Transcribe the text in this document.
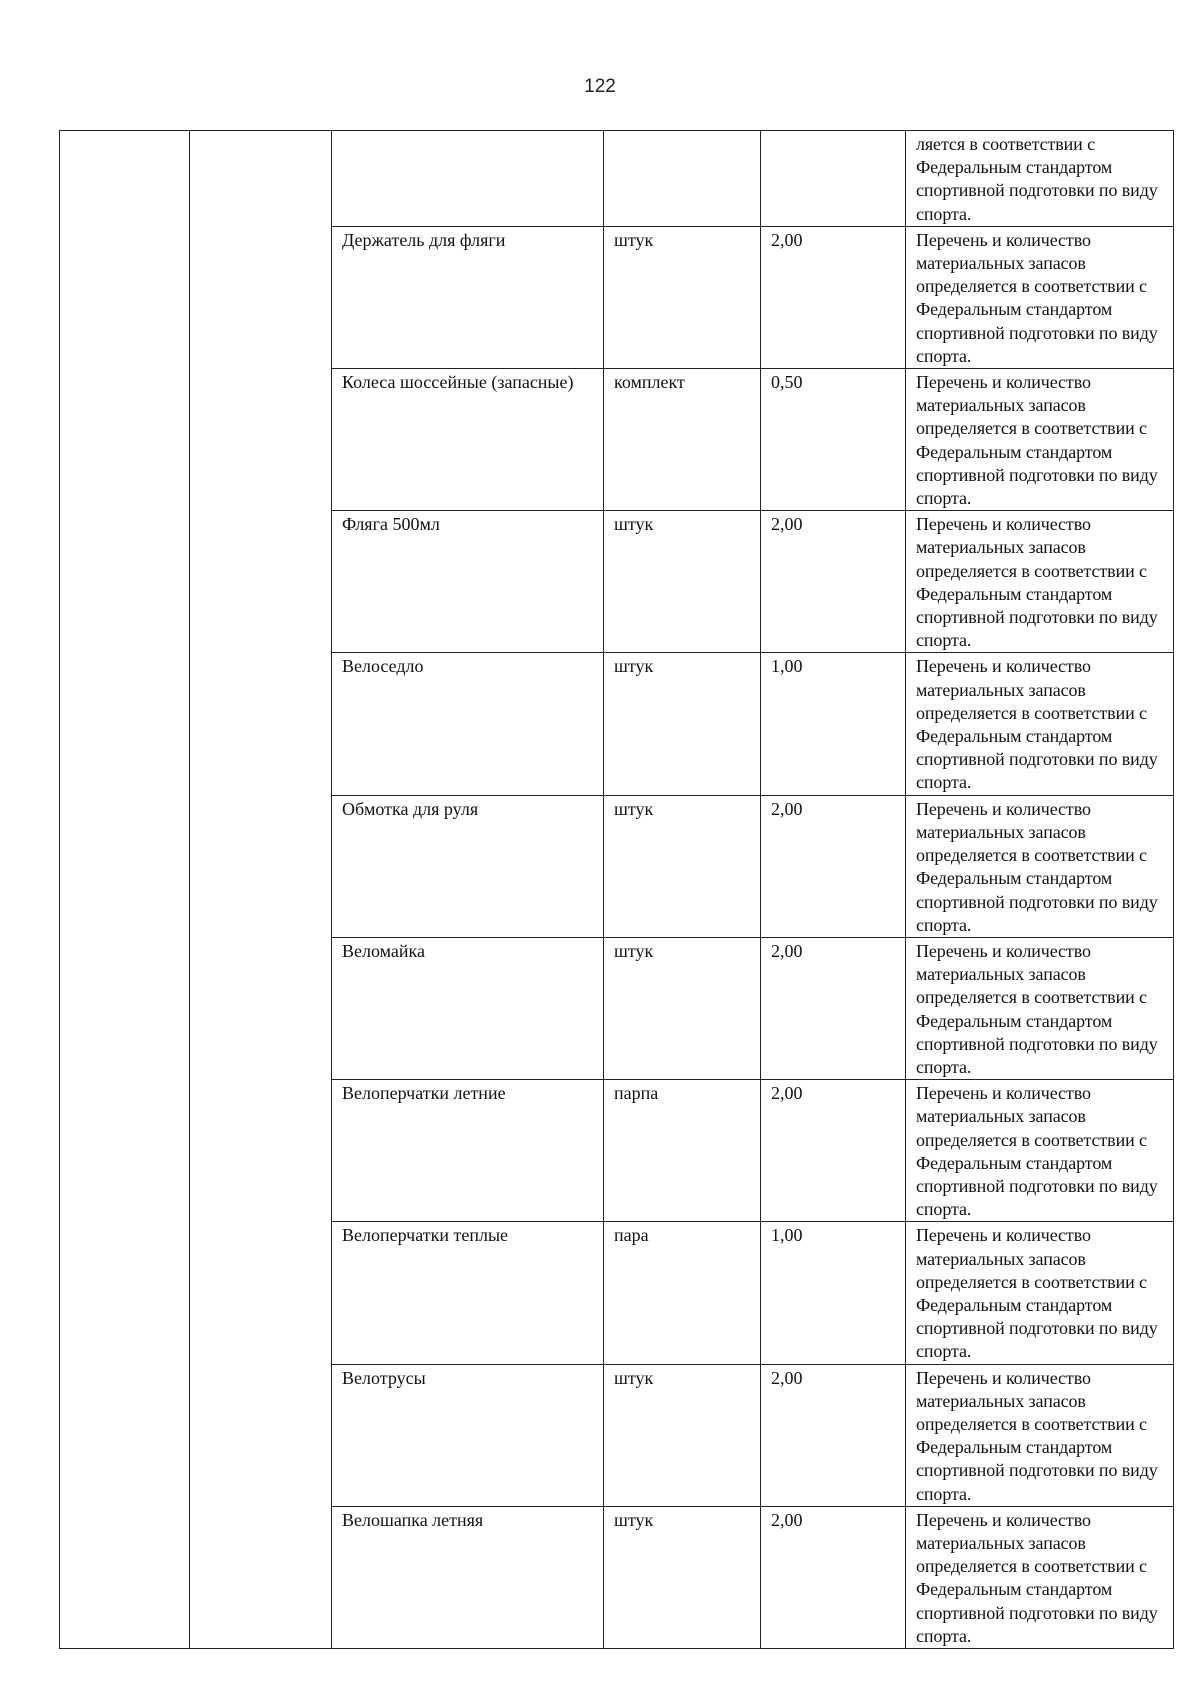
122
					ляется в соответствии с Федеральным стандартом спортивной подготовки по виду спорта.
		Держатель для фляги	штук	2,00	Перечень и количество материальных запасов определяется в соответствии с Федеральным стандартом спортивной подготовки по виду спорта.
		Колеса шоссейные (запасные)	комплект	0,50	Перечень и количество материальных запасов определяется в соответствии с Федеральным стандартом спортивной подготовки по виду спорта.
		Фляга 500мл	штук	2,00	Перечень и количество материальных запасов определяется в соответствии с Федеральным стандартом спортивной подготовки по виду спорта.
		Велоседло	штук	1,00	Перечень и количество материальных запасов определяется в соответствии с Федеральным стандартом спортивной подготовки по виду спорта.
		Обмотка для руля	штук	2,00	Перечень и количество материальных запасов определяется в соответствии с Федеральным стандартом спортивной подготовки по виду спорта.
		Веломайка	штук	2,00	Перечень и количество материальных запасов определяется в соответствии с Федеральным стандартом спортивной подготовки по виду спорта.
		Велоперчатки летние	парпа	2,00	Перечень и количество материальных запасов определяется в соответствии с Федеральным стандартом спортивной подготовки по виду спорта.
		Велоперчатки теплые	пара	1,00	Перечень и количество материальных запасов определяется в соответствии с Федеральным стандартом спортивной подготовки по виду спорта.
		Велотрусы	штук	2,00	Перечень и количество материальных запасов определяется в соответствии с Федеральным стандартом спортивной подготовки по виду спорта.
		Велошапка летняя	штук	2,00	Перечень и количество материальных запасов определяется в соответствии с Федеральным стандартом спортивной подготовки по виду спорта.
